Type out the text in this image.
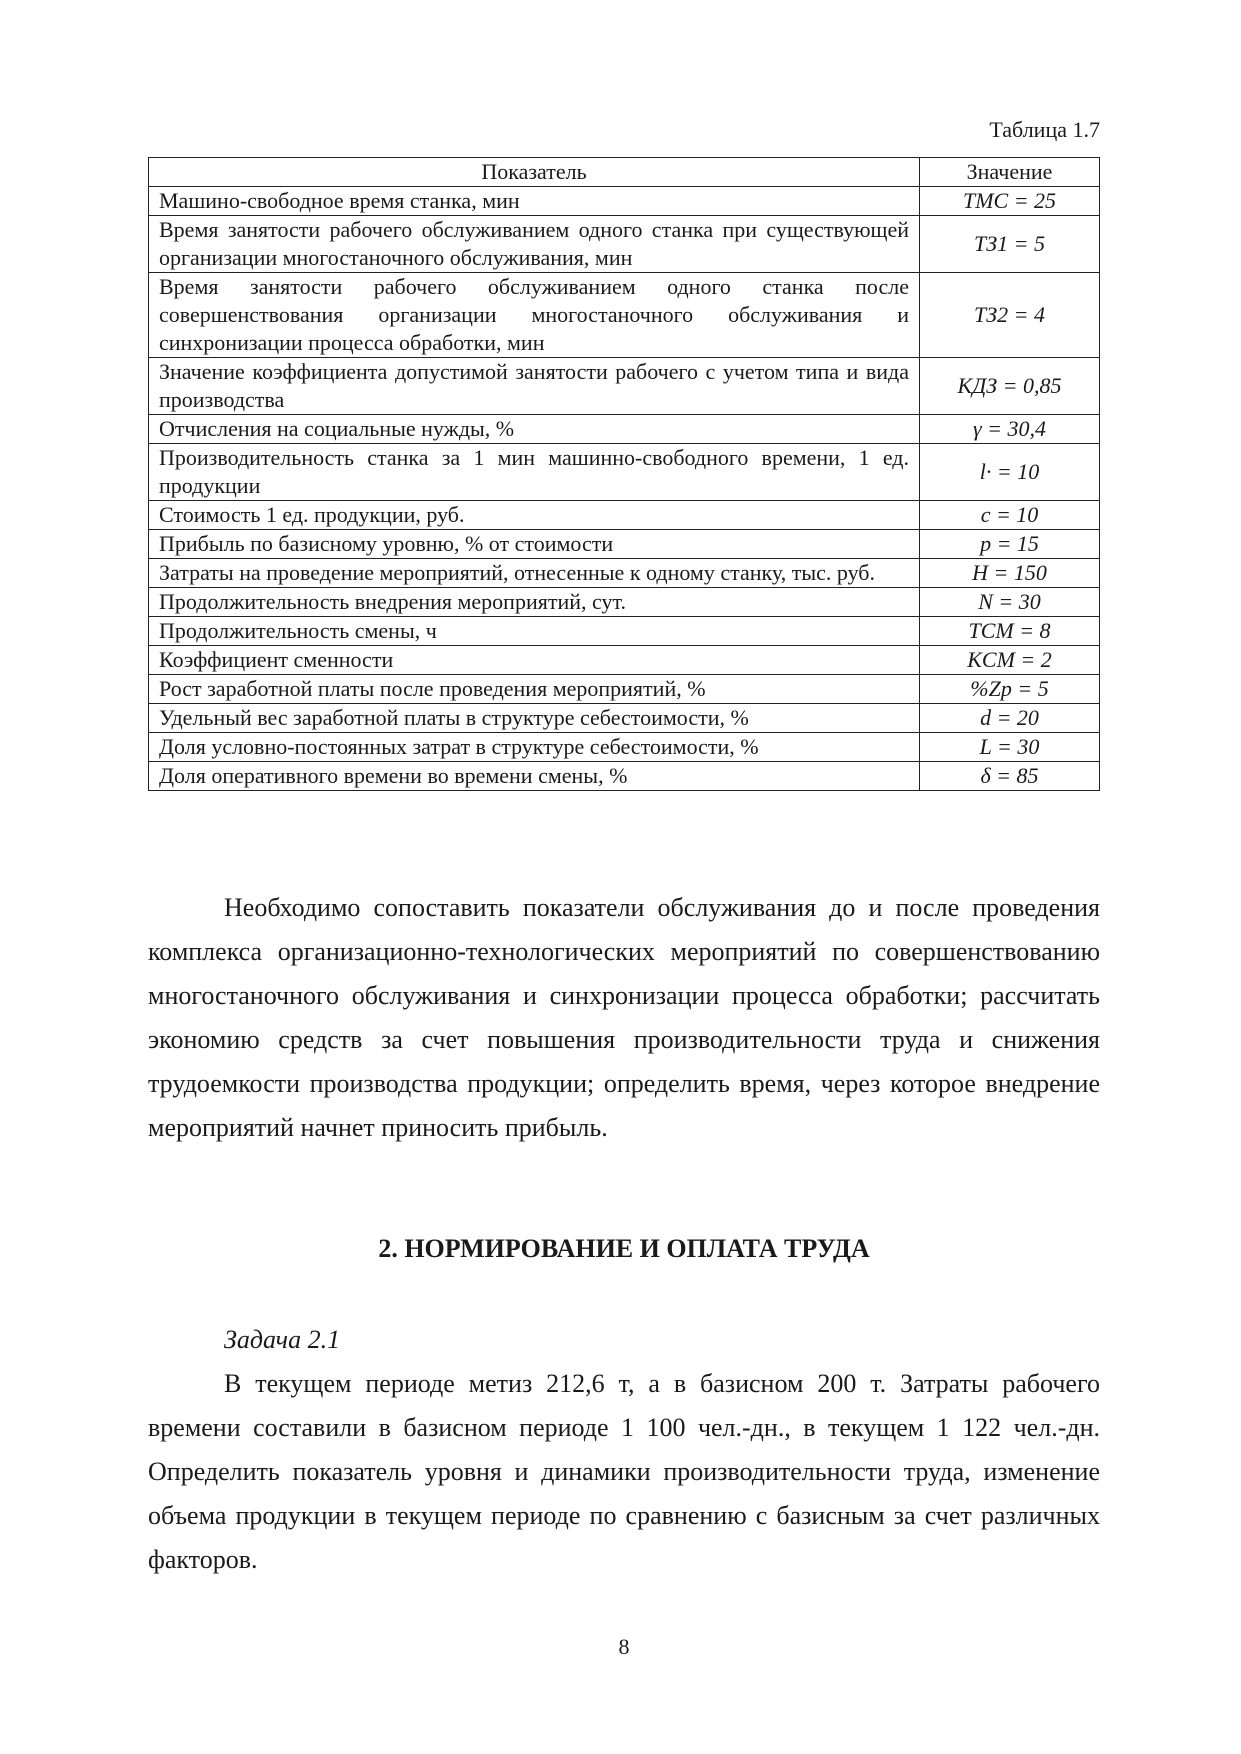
Таблица 1.7
Показатель	Значение
Машино-свободное время станка, мин	TMC = 25
Время занятости рабочего обслуживанием одного станка при существующей организации многостаночного обслуживания, мин	TЗ1 = 5
Время занятости рабочего обслуживанием одного станка после совершенствования организации многостаночного обслуживания и синхронизации процесса обработки, мин	TЗ2 = 4
Значение коэффициента допустимой занятости рабочего с учетом типа и вида производства	KДЗ = 0,85
Отчисления на социальные нужды, %	γ = 30,4
Производительность станка за 1 мин машинно-свободного времени, 1 ед. продукции	l· = 10
Стоимость 1 ед. продукции, руб.	c = 10
Прибыль по базисному уровню, % от стоимости	p = 15
Затраты на проведение мероприятий, отнесенные к одному станку, тыс. руб.	H = 150
Продолжительность внедрения мероприятий, сут.	N = 30
Продолжительность смены, ч	TCM = 8
Коэффициент сменности	KCM = 2
Рост заработной платы после проведения мероприятий, %	%Zp = 5
Удельный вес заработной платы в структуре себестоимости, %	d = 20
Доля условно-постоянных затрат в структуре себестоимости, %	L = 30
Доля оперативного времени во времени смены, %	δ = 85

Необходимо сопоставить показатели обслуживания до и после проведения комплекса организационно-технологических мероприятий по совершенствованию многостаночного обслуживания и синхронизации процесса обработки; рассчитать экономию средств за счет повышения производительности труда и снижения трудоемкости производства продукции; определить время, через которое внедрение мероприятий начнет приносить прибыль.

2. НОРМИРОВАНИЕ И ОПЛАТА ТРУДА
Задача 2.1

В текущем периоде метиз 212,6 т, а в базисном 200 т. Затраты рабочего времени составили в базисном периоде 1 100 чел.-дн., в текущем 1 122 чел.-дн. Определить показатель уровня и динамики производительности труда, изменение объема продукции в текущем периоде по сравнению с базисным за счет различных факторов.

8
